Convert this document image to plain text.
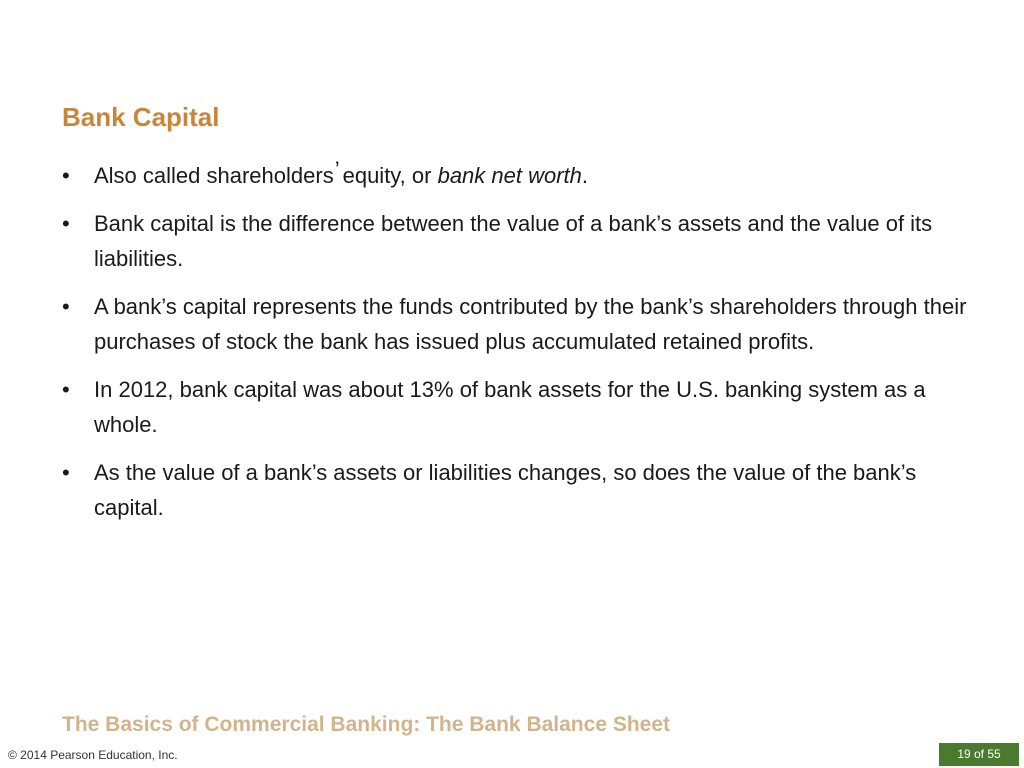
Bank Capital
•	Also called shareholders’ equity, or bank net worth.
•	Bank capital is the difference between the value of a bank’s assets and the value of its liabilities.
•	A bank’s capital represents the funds contributed by the bank’s shareholders through their purchases of stock the bank has issued plus accumulated retained profits.
•	In 2012, bank capital was about 13% of bank assets for the U.S. banking system as a whole.
•	As the value of a bank’s assets or liabilities changes, so does the value of the bank’s capital.
The Basics of Commercial Banking: The Bank Balance Sheet
© 2014 Pearson Education, Inc.	19 of 55
